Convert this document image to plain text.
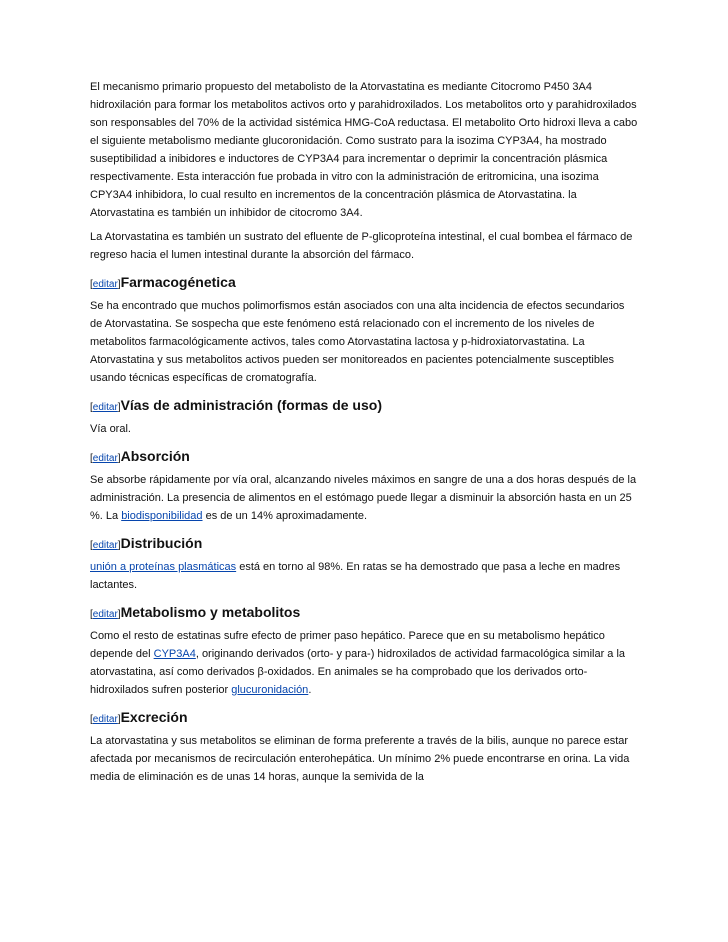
El mecanismo primario propuesto del metabolisto de la Atorvastatina es mediante Citocromo P450 3A4 hidroxilación para formar los metabolitos activos orto y parahidroxilados. Los metabolitos orto y parahidroxilados son responsables del 70% de la actividad sistémica HMG-CoA reductasa. El metabolito Orto hidroxi lleva a cabo el siguiente metabolismo mediante glucoronidación. Como sustrato para la isozima CYP3A4, ha mostrado suseptibilidad a inibidores e inductores de CYP3A4 para incrementar o deprimir la concentración plásmica respectivamente. Esta interacción fue probada in vitro con la administración de eritromicina, una isozima CPY3A4 inhibidora, lo cual resulto en incrementos de la concentración plásmica de Atorvastatina. la Atorvastatina es también un inhibidor de citocromo 3A4.

La Atorvastatina es también un sustrato del efluente de P-glicoproteína intestinal, el cual bombea el fármaco de regreso hacia el lumen intestinal durante la absorción del fármaco.

[editar]Farmacogénetica

Se ha encontrado que muchos polimorfismos están asociados con una alta incidencia de efectos secundarios de Atorvastatina. Se sospecha que este fenómeno está relacionado con el incremento de los niveles de metabolitos farmacológicamente activos, tales como Atorvastatina lactosa y p-hidroxiatorvastatina. La Atorvastatina y sus metabolitos activos pueden ser monitoreados en pacientes potencialmente susceptibles usando técnicas específicas de cromatografía.

[editar]Vías de administración (formas de uso)

Vía oral.

[editar]Absorción

Se absorbe rápidamente por vía oral, alcanzando niveles máximos en sangre de una a dos horas después de la administración. La presencia de alimentos en el estómago puede llegar a disminuir la absorción hasta en un 25 %. La biodisponibilidad es de un 14% aproximadamente.

[editar]Distribución

unión a proteínas plasmáticas está en torno al 98%. En ratas se ha demostrado que pasa a leche en madres lactantes.

[editar]Metabolismo y metabolitos

Como el resto de estatinas sufre efecto de primer paso hepático. Parece que en su metabolismo hepático depende del CYP3A4, originando derivados (orto- y para-) hidroxilados de actividad farmacológica similar a la atorvastatina, así como derivados β-oxidados. En animales se ha comprobado que los derivados orto-hidroxilados sufren posterior glucuronidación.

[editar]Excreción

La atorvastatina y sus metabolitos se eliminan de forma preferente a través de la bilis, aunque no parece estar afectada por mecanismos de recirculación enterohepática. Un mínimo 2% puede encontrarse en orina. La vida media de eliminación es de unas 14 horas, aunque la semivida de la
